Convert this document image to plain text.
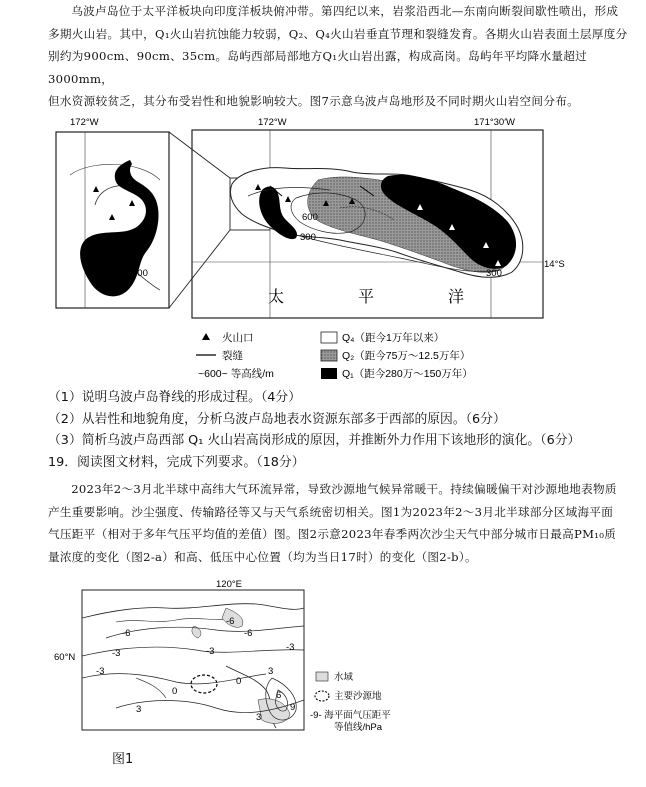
乌波卢岛位于太平洋板块向印度洋板块俯冲带。第四纪以来，岩浆沿西北—东南向断裂间歇性喷出，形成

多期火山岩。其中，Q₁火山岩抗蚀能力较弱，Q₂、Q₄火山岩垂直节理和裂缝发育。各期火山岩表面土层厚度分

别约为900cm、90cm、35cm。岛屿西部局部地方Q₁火山岩出露，构成高岗。岛屿年平均降水量超过3000mm，

但水资源较贫乏，其分布受岩性和地貌影响较大。图7示意乌波卢岛地形及不同时期火山岩空间分布。

172°W	172°W	171°30′W
300
14°S
600
300
300
太	平	洋
火山口
裂缝
~600~ 等高线/m
Q₄（距今1万年以来）
Q₂（距今75万～12.5万年）
Q₁（距今280万～150万年）
（1）说明乌波卢岛脊线的形成过程。（4分）
（2）从岩性和地貌角度，分析乌波卢岛地表水资源东部多于西部的原因。（6分）
（3）简析乌波卢岛西部 Q₁ 火山岩高岗形成的原因，并推断外力作用下该地形的演化。（6分）
19．阅读图文材料，完成下列要求。（18分）

2023年2～3月北半球中高纬大气环流异常，导致沙源地气候异常暖干。持续偏暖偏干对沙源地地表物质

产生重要影响。沙尘强度、传输路径等又与天气系统密切相关。图1为2023年2～3月北半球部分区域海平面

气压距平（相对于多年气压平均值的差值）图。图2示意2023年春季两次沙尘天气中部分城市日最高PM₁₀质

量浓度的变化（图2-a）和高、低压中心位置（均为当日17时）的变化（图2-b）。

120°E
60°N
-6
-6	-6
-3
-3
-3
0
0
3
3
3
6
9
-3
水域
主要沙源地
-9- 海平面气压距平
等值线/hPa
图1
